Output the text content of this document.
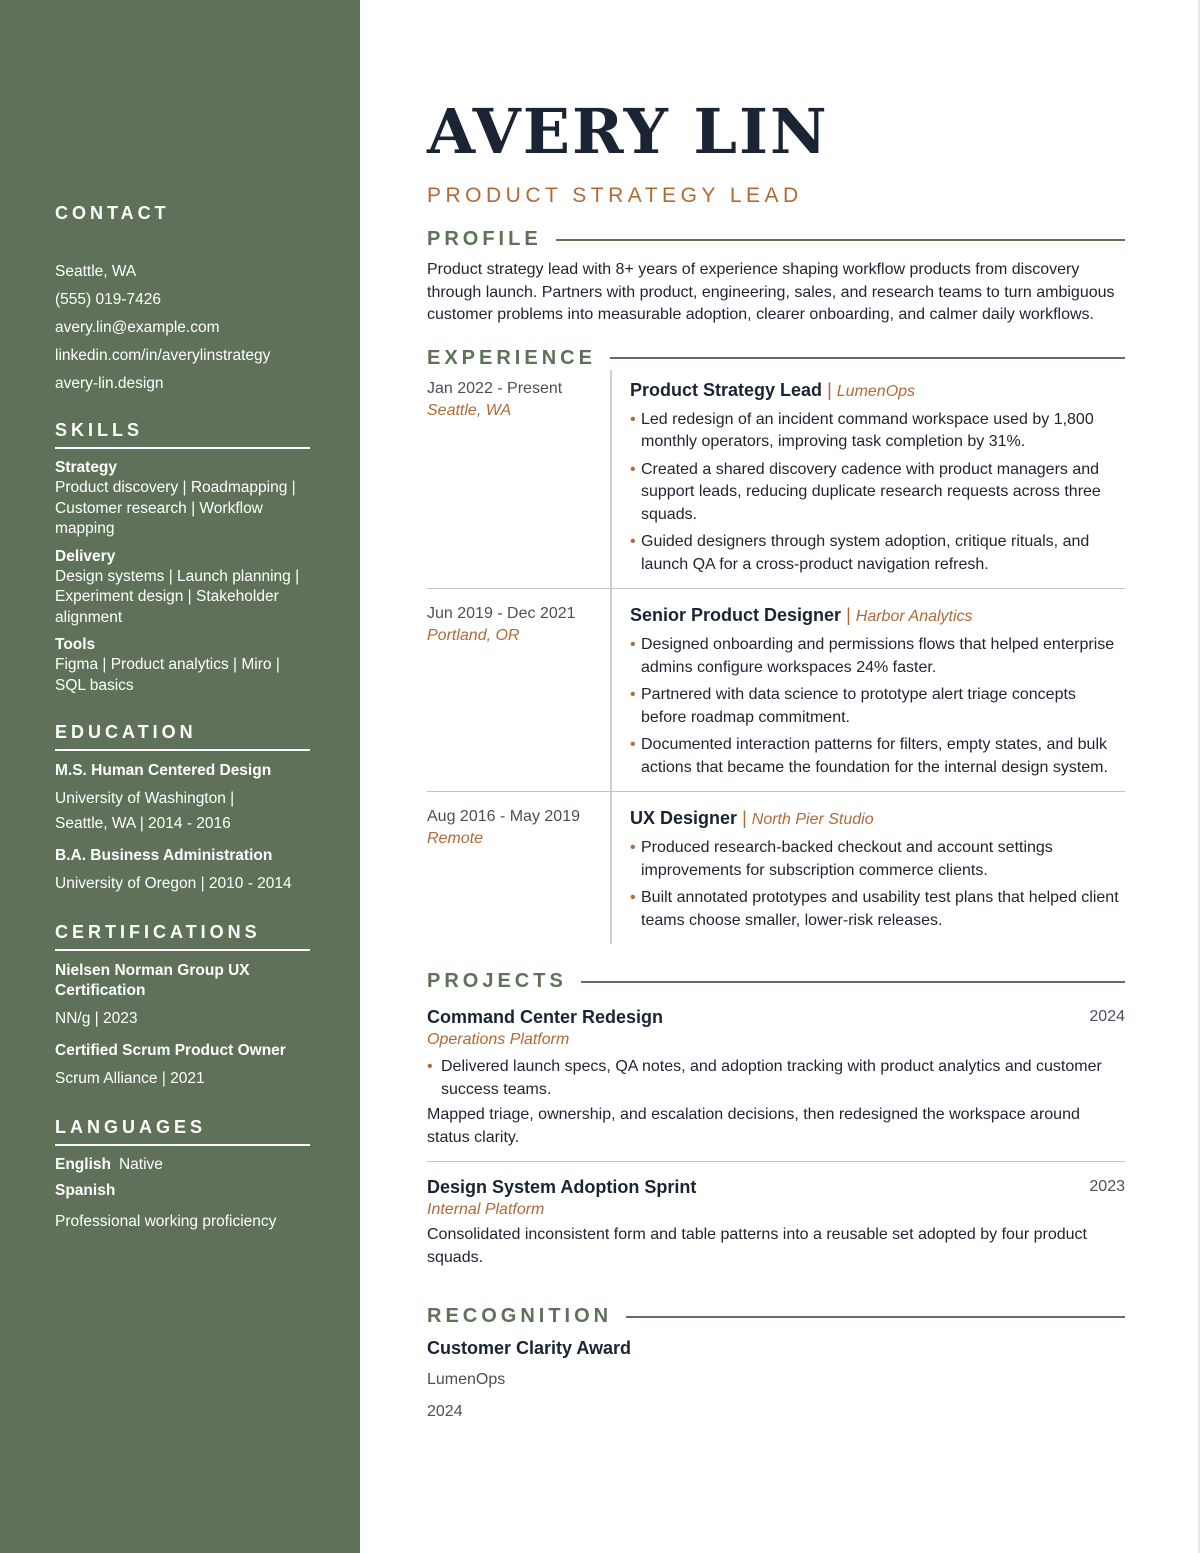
CONTACT
Seattle, WA
(555) 019-7426
avery.lin@example.com
linkedin.com/in/averylinstrategy
avery-lin.design
SKILLS
Strategy
Product discovery | Roadmapping | Customer research | Workflow mapping
Delivery
Design systems | Launch planning | Experiment design | Stakeholder alignment
Tools
Figma | Product analytics | Miro | SQL basics
EDUCATION
M.S. Human Centered Design
University of Washington |
Seattle, WA | 2014 - 2016
B.A. Business Administration
University of Oregon | 2010 - 2014
CERTIFICATIONS
Nielsen Norman Group UX Certification
NN/g | 2023
Certified Scrum Product Owner
Scrum Alliance | 2021
LANGUAGES
English Native
Spanish
Professional working proficiency
AVERY LIN
PRODUCT STRATEGY LEAD
PROFILE

Product strategy lead with 8+ years of experience shaping workflow products from discovery through launch. Partners with product, engineering, sales, and research teams to turn ambiguous customer problems into measurable adoption, clearer onboarding, and calmer daily workflows.

EXPERIENCE
Jan 2022 - Present
Seattle, WA
Product Strategy Lead | LumenOps
• Led redesign of an incident command workspace used by 1,800 monthly operators, improving task completion by 31%.
• Created a shared discovery cadence with product managers and support leads, reducing duplicate research requests across three squads.
• Guided designers through system adoption, critique rituals, and launch QA for a cross-product navigation refresh.
Jun 2019 - Dec 2021
Portland, OR
Senior Product Designer | Harbor Analytics
• Designed onboarding and permissions flows that helped enterprise admins configure workspaces 24% faster.
• Partnered with data science to prototype alert triage concepts before roadmap commitment.
• Documented interaction patterns for filters, empty states, and bulk actions that became the foundation for the internal design system.
Aug 2016 - May 2019
Remote
UX Designer | North Pier Studio
• Produced research-backed checkout and account settings improvements for subscription commerce clients.
• Built annotated prototypes and usability test plans that helped client teams choose smaller, lower-risk releases.
PROJECTS
Command Center Redesign	2024
Operations Platform
• Delivered launch specs, QA notes, and adoption tracking with product analytics and customer success teams.
Mapped triage, ownership, and escalation decisions, then redesigned the workspace around status clarity.
Design System Adoption Sprint	2023
Internal Platform
Consolidated inconsistent form and table patterns into a reusable set adopted by four product squads.
RECOGNITION
Customer Clarity Award
LumenOps
2024
